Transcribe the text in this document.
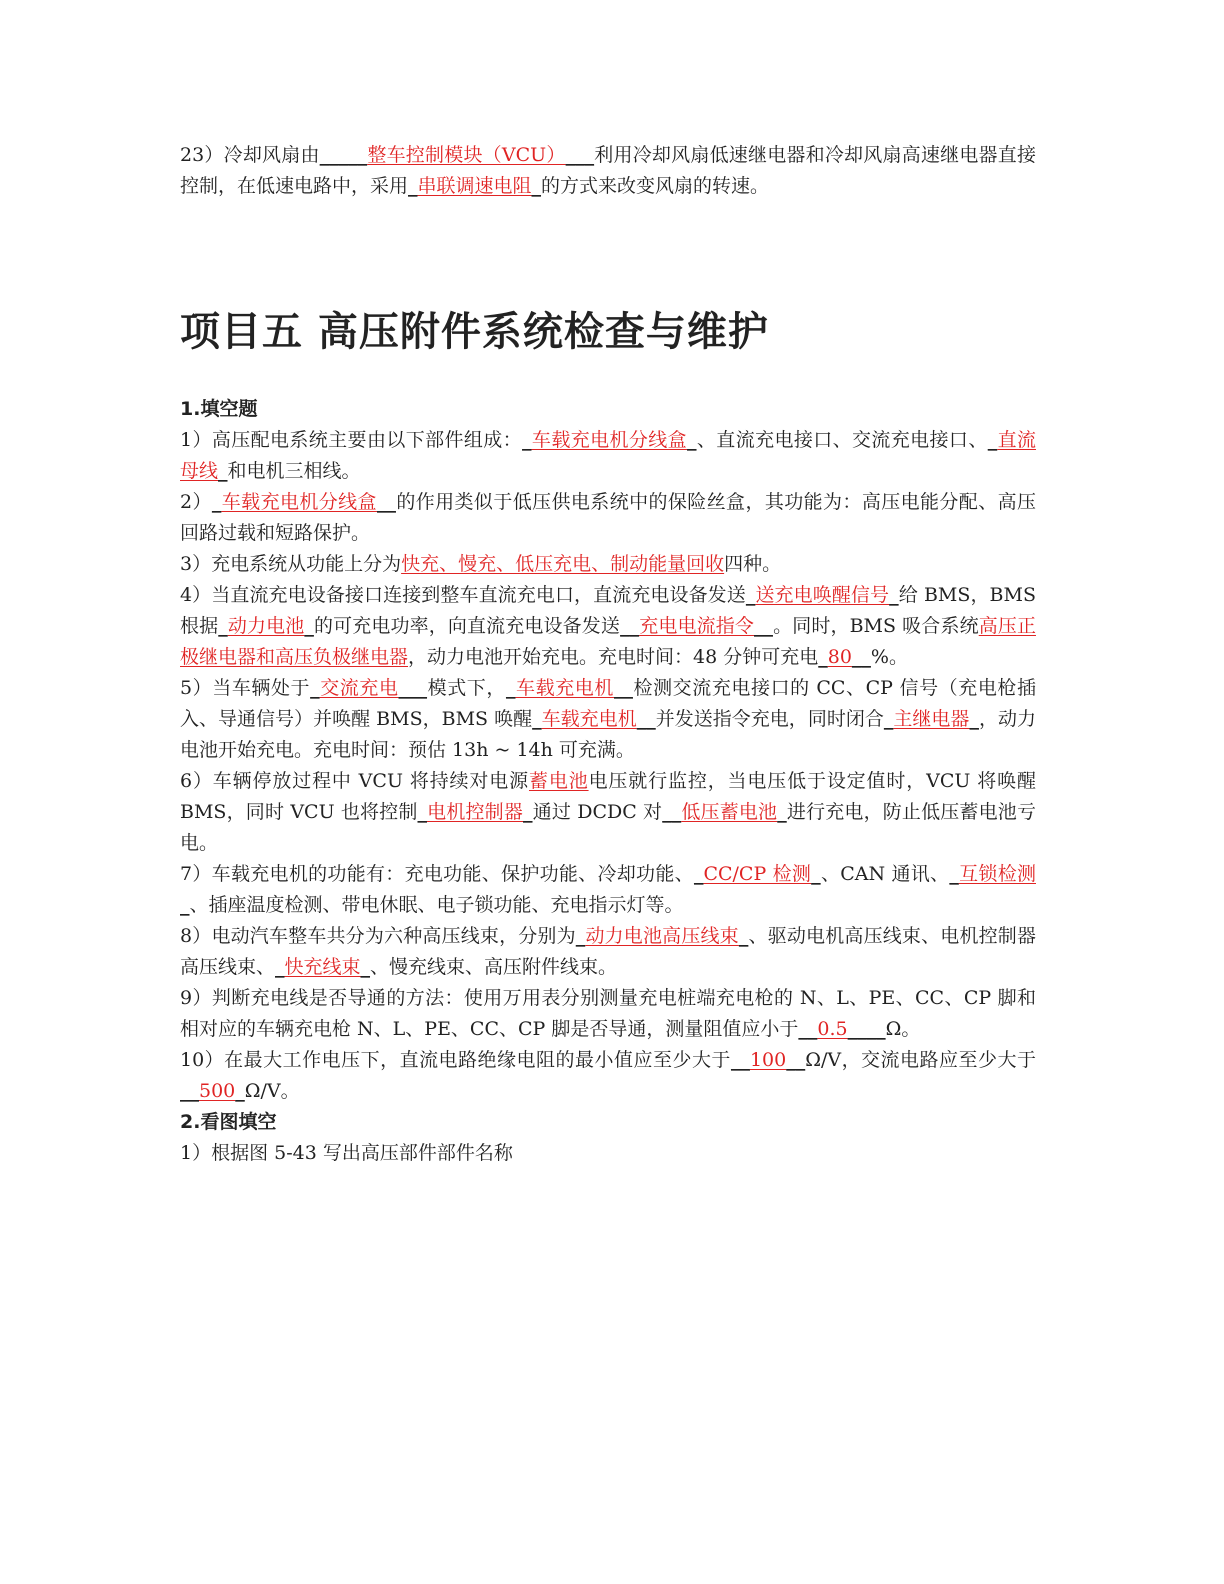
23）冷却风扇由_____整车控制模块（VCU）___利用冷却风扇低速继电器和冷却风扇高速继电器直接控制，在低速电路中，采用_串联调速电阻_的方式来改变风扇的转速。

项目五 高压附件系统检查与维护

1.填空题

1）高压配电系统主要由以下部件组成：_车载充电机分线盒_、直流充电接口、交流充电接口、_直流母线_和电机三相线。

2）_车载充电机分线盒__的作用类似于低压供电系统中的保险丝盒，其功能为：高压电能分配、高压回路过载和短路保护。

3）充电系统从功能上分为快充、慢充、低压充电、制动能量回收四种。

4）当直流充电设备接口连接到整车直流充电口，直流充电设备发送_送充电唤醒信号_给 BMS，BMS 根据_动力电池_的可充电功率，向直流充电设备发送__充电电流指令__。同时，BMS 吸合系统高压正极继电器和高压负极继电器，动力电池开始充电。充电时间：48 分钟可充电_80__%。

5）当车辆处于_交流充电___模式下，_车载充电机__检测交流充电接口的 CC、CP 信号（充电枪插入、导通信号）并唤醒 BMS，BMS 唤醒_车载充电机__并发送指令充电，同时闭合_主继电器_，动力电池开始充电。充电时间：预估 13h ~ 14h 可充满。

6）车辆停放过程中 VCU 将持续对电源蓄电池电压就行监控，当电压低于设定值时，VCU 将唤醒 BMS，同时 VCU 也将控制_电机控制器_通过 DCDC 对__低压蓄电池_进行充电，防止低压蓄电池亏电。

7）车载充电机的功能有：充电功能、保护功能、冷却功能、_CC/CP 检测_、CAN 通讯、_互锁检测_、插座温度检测、带电休眠、电子锁功能、充电指示灯等。

8）电动汽车整车共分为六种高压线束，分别为_动力电池高压线束_、驱动电机高压线束、电机控制器高压线束、_快充线束_、慢充线束、高压附件线束。

9）判断充电线是否导通的方法：使用万用表分别测量充电桩端充电枪的 N、L、PE、CC、CP 脚和相对应的车辆充电枪 N、L、PE、CC、CP 脚是否导通，测量阻值应小于__0.5____Ω。

10）在最大工作电压下，直流电路绝缘电阻的最小值应至少大于__100__Ω/V，交流电路应至少大于__500_Ω/V。

2.看图填空

1）根据图 5-43 写出高压部件部件名称
